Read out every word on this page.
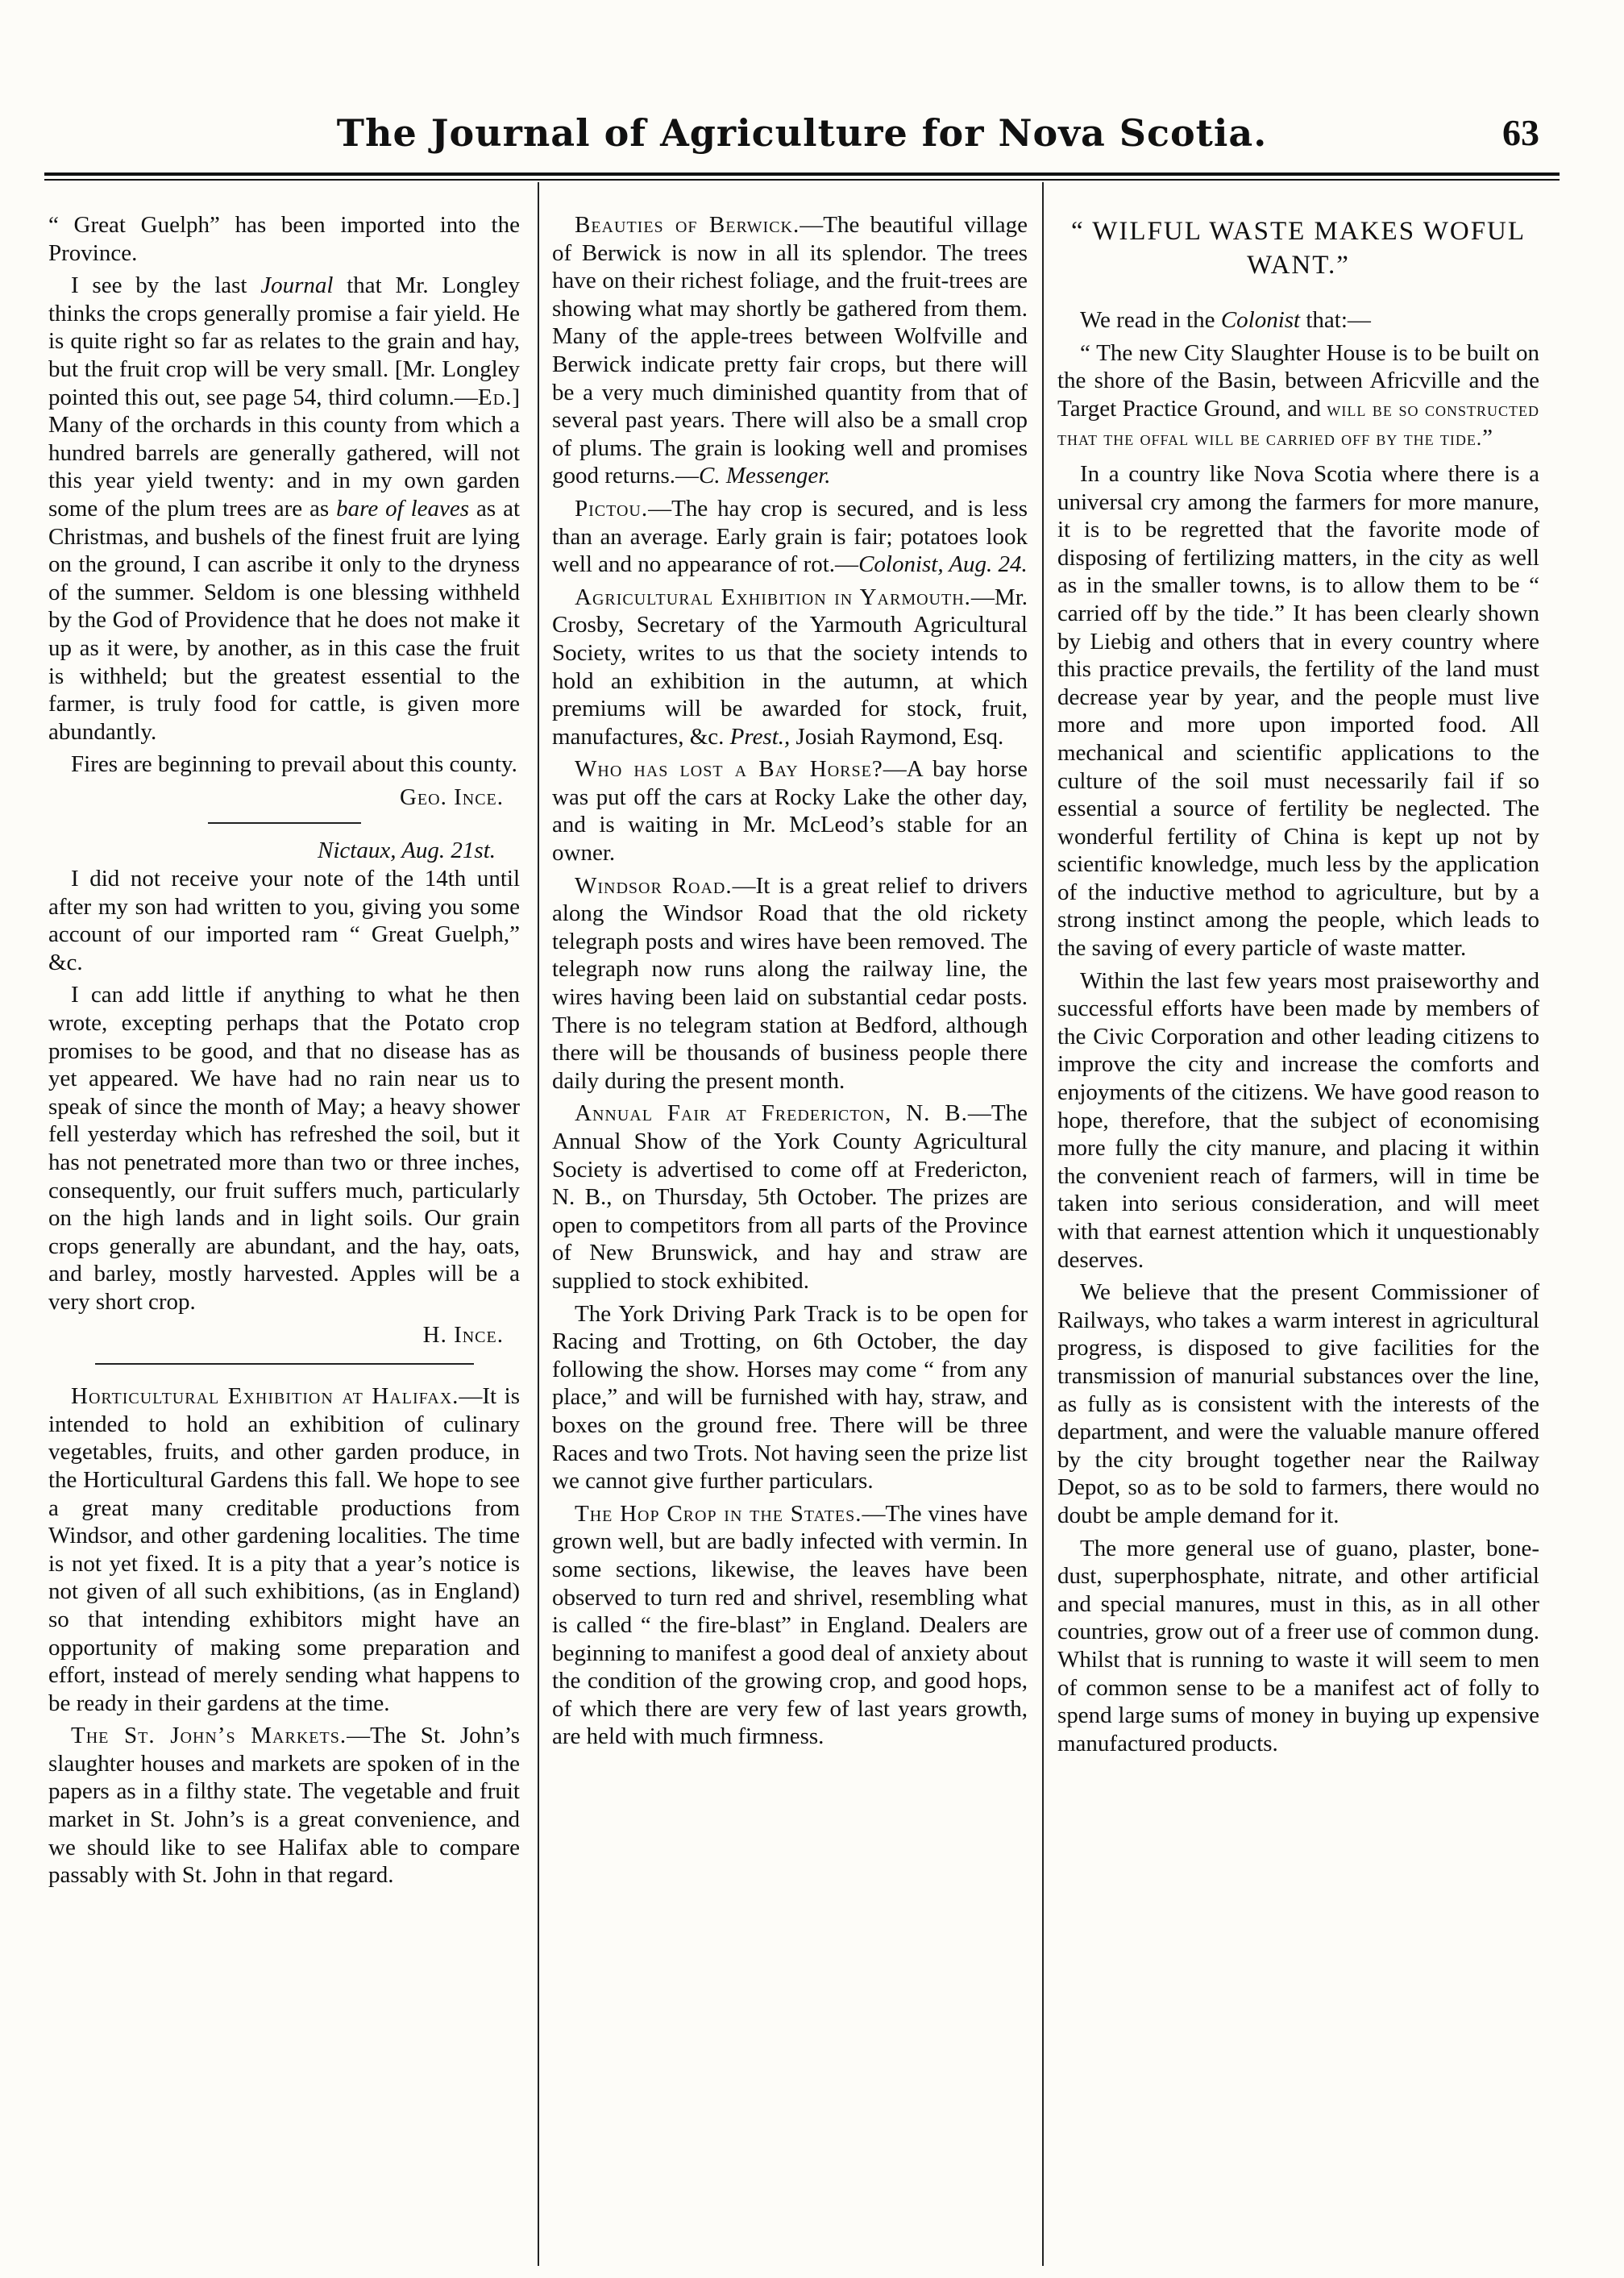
The Journal of Agriculture for Nova Scotia.	63

“ Great Guelph” has been imported into the Province.

I see by the last Journal that Mr. Longley thinks the crops generally promise a fair yield. He is quite right so far as relates to the grain and hay, but the fruit crop will be very small. [Mr. Longley pointed this out, see page 54, third column.—Ed.] Many of the orchards in this county from which a hundred barrels are generally gathered, will not this year yield twenty: and in my own garden some of the plum trees are as bare of leaves as at Christmas, and bushels of the finest fruit are lying on the ground, I can ascribe it only to the dryness of the summer. Seldom is one blessing withheld by the God of Providence that he does not make it up as it were, by another, as in this case the fruit is withheld; but the greatest essential to the farmer, is truly food for cattle, is given more abundantly.

Fires are beginning to prevail about this county.

Geo. Ince.
Nictaux, Aug. 21st.

I did not receive your note of the 14th until after my son had written to you, giving you some account of our imported ram “ Great Guelph,” &c.

I can add little if anything to what he then wrote, excepting perhaps that the Potato crop promises to be good, and that no disease has as yet appeared. We have had no rain near us to speak of since the month of May; a heavy shower fell yesterday which has refreshed the soil, but it has not penetrated more than two or three inches, consequently, our fruit suffers much, particularly on the high lands and in light soils. Our grain crops generally are abundant, and the hay, oats, and barley, mostly harvested. Apples will be a very short crop.

H. Ince.

Horticultural Exhibition at Halifax.—It is intended to hold an exhibition of culinary vegetables, fruits, and other garden produce, in the Horticultural Gardens this fall. We hope to see a great many creditable productions from Windsor, and other gardening localities. The time is not yet fixed. It is a pity that a year’s notice is not given of all such exhibitions, (as in England) so that intending exhibitors might have an opportunity of making some preparation and effort, instead of merely sending what happens to be ready in their gardens at the time.

The St. John’s Markets.—The St. John’s slaughter houses and markets are spoken of in the papers as in a filthy state. The vegetable and fruit market in St. John’s is a great convenience, and we should like to see Halifax able to compare passably with St. John in that regard.

Beauties of Berwick.—The beautiful village of Berwick is now in all its splendor. The trees have on their richest foliage, and the fruit-trees are showing what may shortly be gathered from them. Many of the apple-trees between Wolfville and Berwick indicate pretty fair crops, but there will be a very much diminished quantity from that of several past years. There will also be a small crop of plums. The grain is looking well and promises good returns.—C. Messenger.

Pictou.—The hay crop is secured, and is less than an average. Early grain is fair; potatoes look well and no appearance of rot.—Colonist, Aug. 24.

Agricultural Exhibition in Yarmouth.—Mr. Crosby, Secretary of the Yarmouth Agricultural Society, writes to us that the society intends to hold an exhibition in the autumn, at which premiums will be awarded for stock, fruit, manufactures, &c. Prest., Josiah Raymond, Esq.

Who has lost a Bay Horse?—A bay horse was put off the cars at Rocky Lake the other day, and is waiting in Mr. McLeod’s stable for an owner.

Windsor Road.—It is a great relief to drivers along the Windsor Road that the old rickety telegraph posts and wires have been removed. The telegraph now runs along the railway line, the wires having been laid on substantial cedar posts. There is no telegram station at Bedford, although there will be thousands of business people there daily during the present month.

Annual Fair at Fredericton, N. B.—The Annual Show of the York County Agricultural Society is advertised to come off at Fredericton, N. B., on Thursday, 5th October. The prizes are open to competitors from all parts of the Province of New Brunswick, and hay and straw are supplied to stock exhibited.

The York Driving Park Track is to be open for Racing and Trotting, on 6th October, the day following the show. Horses may come “ from any place,” and will be furnished with hay, straw, and boxes on the ground free. There will be three Races and two Trots. Not having seen the prize list we cannot give further particulars.

The Hop Crop in the States.—The vines have grown well, but are badly infected with vermin. In some sections, likewise, the leaves have been observed to turn red and shrivel, resembling what is called “ the fire-blast” in England. Dealers are beginning to manifest a good deal of anxiety about the condition of the growing crop, and good hops, of which there are very few of last years growth, are held with much firmness.

“ WILFUL WASTE MAKES WOFUL WANT.”

We read in the Colonist that:—

“ The new City Slaughter House is to be built on the shore of the Basin, between Africville and the Target Practice Ground, and will be so constructed that the offal will be carried off by the tide.”

In a country like Nova Scotia where there is a universal cry among the farmers for more manure, it is to be regretted that the favorite mode of disposing of fertilizing matters, in the city as well as in the smaller towns, is to allow them to be “ carried off by the tide.” It has been clearly shown by Liebig and others that in every country where this practice prevails, the fertility of the land must decrease year by year, and the people must live more and more upon imported food. All mechanical and scientific applications to the culture of the soil must necessarily fail if so essential a source of fertility be neglected. The wonderful fertility of China is kept up not by scientific knowledge, much less by the application of the inductive method to agriculture, but by a strong instinct among the people, which leads to the saving of every particle of waste matter.

Within the last few years most praiseworthy and successful efforts have been made by members of the Civic Corporation and other leading citizens to improve the city and increase the comforts and enjoyments of the citizens. We have good reason to hope, therefore, that the subject of economising more fully the city manure, and placing it within the convenient reach of farmers, will in time be taken into serious consideration, and will meet with that earnest attention which it unquestionably deserves.

We believe that the present Commissioner of Railways, who takes a warm interest in agricultural progress, is disposed to give facilities for the transmission of manurial substances over the line, as fully as is consistent with the interests of the department, and were the valuable manure offered by the city brought together near the Railway Depot, so as to be sold to farmers, there would no doubt be ample demand for it.

The more general use of guano, plaster, bone-dust, superphosphate, nitrate, and other artificial and special manures, must in this, as in all other countries, grow out of a freer use of common dung. Whilst that is running to waste it will seem to men of common sense to be a manifest act of folly to spend large sums of money in buying up expensive manufactured products.
